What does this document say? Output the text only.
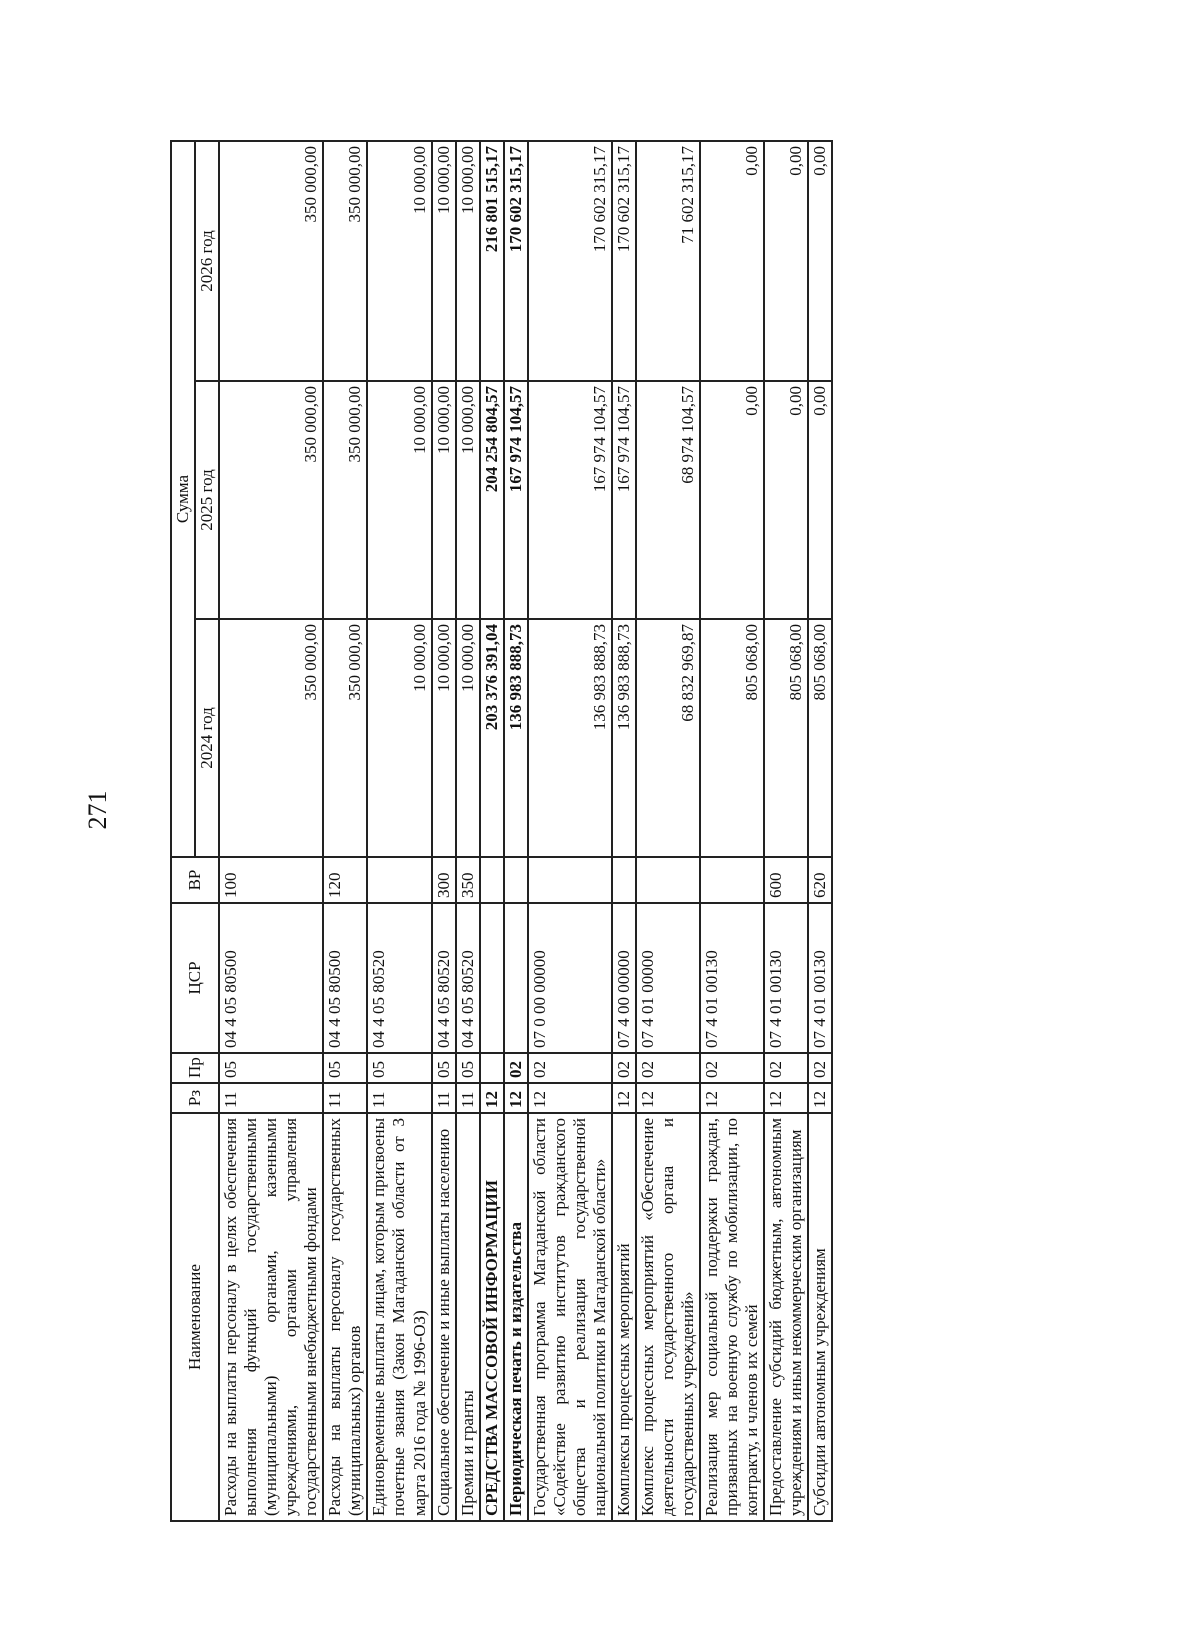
271
Наименование	Рз	Пр	ЦСР	ВР	Сумма		
					2024 год	2025 год	2026 год
Расходы на выплаты персоналу в целях обеспечения выполнения функций государственными (муниципальными) органами, казенными учреждениями, органами управления государственными внебюджетными фондами	11	05	04 4 05 80500	100	350 000,00	350 000,00	350 000,00
Расходы на выплаты персоналу государственных (муниципальных) органов	11	05	04 4 05 80500	120	350 000,00	350 000,00	350 000,00
Единовременные выплаты лицам, которым присвоены почетные звания (Закон Магаданской области от 3 марта 2016 года № 1996-ОЗ)	11	05	04 4 05 80520		10 000,00	10 000,00	10 000,00
Социальное обеспечение и иные выплаты населению	11	05	04 4 05 80520	300	10 000,00	10 000,00	10 000,00
Премии и гранты	11	05	04 4 05 80520	350	10 000,00	10 000,00	10 000,00
СРЕДСТВА МАССОВОЙ ИНФОРМАЦИИ	12				203 376 391,04	204 254 804,57	216 801 515,17
Периодическая печать и издательства	12	02			136 983 888,73	167 974 104,57	170 602 315,17
Государственная программа Магаданской области «Содействие развитию институтов гражданского общества и реализация государственной национальной политики в Магаданской области»	12	02	07 0 00 00000		136 983 888,73	167 974 104,57	170 602 315,17
Комплексы процессных мероприятий	12	02	07 4 00 00000		136 983 888,73	167 974 104,57	170 602 315,17
Комплекс процессных мероприятий «Обеспечение деятельности государственного органа и государственных учреждений»	12	02	07 4 01 00000		68 832 969,87	68 974 104,57	71 602 315,17
Реализация мер социальной поддержки граждан, призванных на военную службу по мобилизации, по контракту, и членов их семей	12	02	07 4 01 00130		805 068,00	0,00	0,00
Предоставление субсидий бюджетным, автономным учреждениям и иным некоммерческим организациям	12	02	07 4 01 00130	600	805 068,00	0,00	0,00
Субсидии автономным учреждениям	12	02	07 4 01 00130	620	805 068,00	0,00	0,00
